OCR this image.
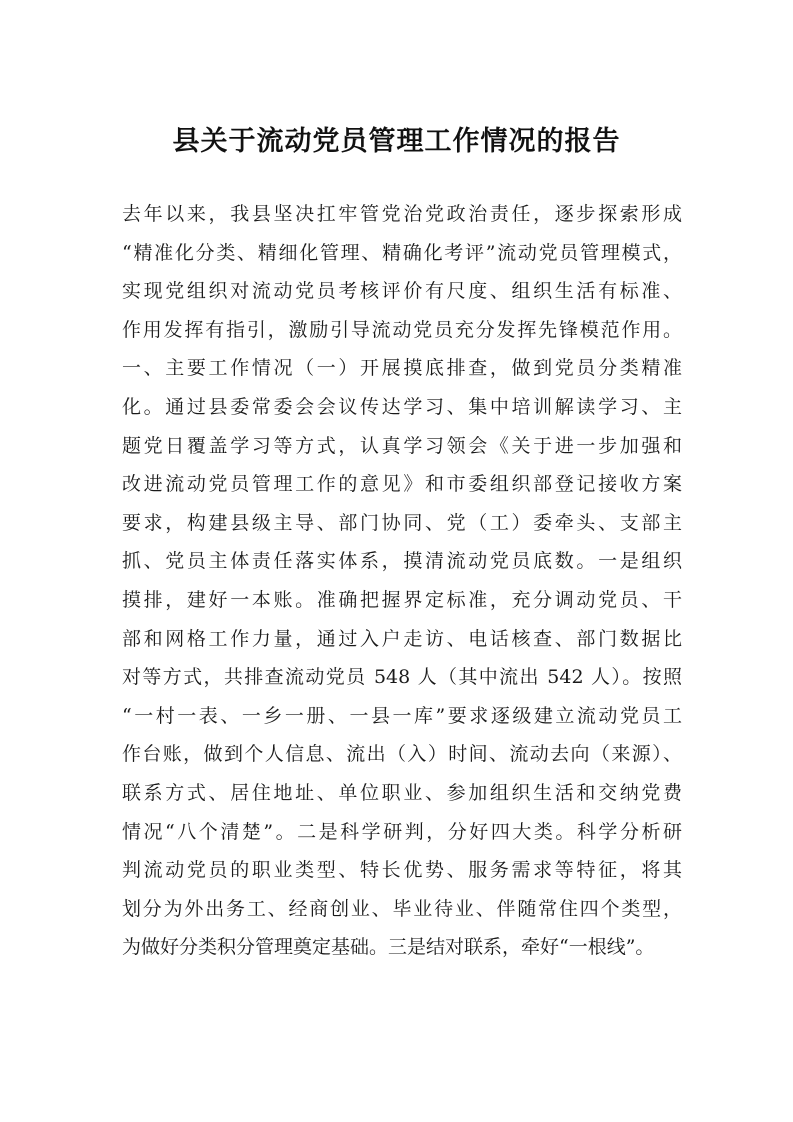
县关于流动党员管理工作情况的报告
去年以来，我县坚决扛牢管党治党政治责任，逐步探索形成
“精准化分类、精细化管理、精确化考评”流动党员管理模式，
实现党组织对流动党员考核评价有尺度、组织生活有标准、
作用发挥有指引，激励引导流动党员充分发挥先锋模范作用。
一、主要工作情况（一）开展摸底排查，做到党员分类精准
化。通过县委常委会会议传达学习、集中培训解读学习、主
题党日覆盖学习等方式，认真学习领会《关于进一步加强和
改进流动党员管理工作的意见》和市委组织部登记接收方案
要求，构建县级主导、部门协同、党（工）委牵头、支部主
抓、党员主体责任落实体系，摸清流动党员底数。一是组织
摸排，建好一本账。准确把握界定标准，充分调动党员、干
部和网格工作力量，通过入户走访、电话核查、部门数据比
对等方式，共排查流动党员 548 人（其中流出 542 人）。按照
“一村一表、一乡一册、一县一库”要求逐级建立流动党员工
作台账，做到个人信息、流出（入）时间、流动去向（来源）、
联系方式、居住地址、单位职业、参加组织生活和交纳党费
情况“八个清楚”。二是科学研判，分好四大类。科学分析研
判流动党员的职业类型、特长优势、服务需求等特征，将其
划分为外出务工、经商创业、毕业待业、伴随常住四个类型，
为做好分类积分管理奠定基础。三是结对联系，牵好“一根线”。
